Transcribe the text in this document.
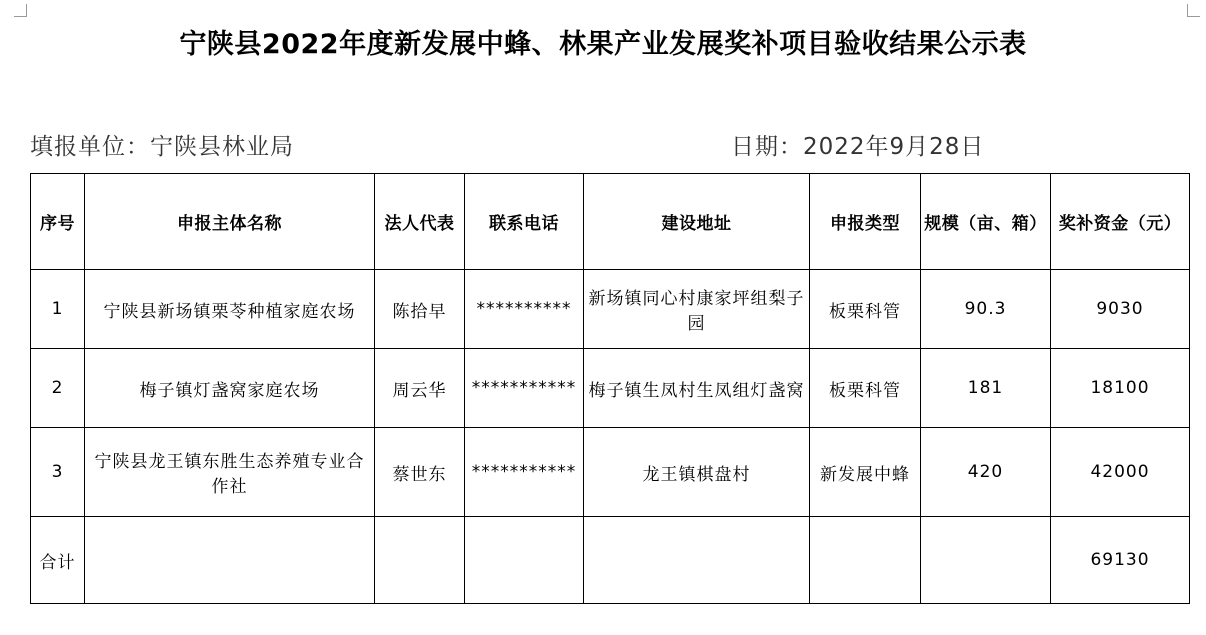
宁陕县2022年度新发展中蜂、林果产业发展奖补项目验收结果公示表
填报单位：宁陕县林业局	日期：2022年9月28日
序号	申报主体名称	法人代表	联系电话	建设地址	申报类型	规模（亩、箱）	奖补资金（元）
1	宁陕县新场镇栗苓种植家庭农场	陈拾早	**********	新场镇同心村康家坪组梨子园	板栗科管	90.3	9030
2	梅子镇灯盏窝家庭农场	周云华	***********	梅子镇生凤村生凤组灯盏窝	板栗科管	181	18100
3	宁陕县龙王镇东胜生态养殖专业合作社	蔡世东	***********	龙王镇棋盘村	新发展中蜂	420	42000
合计							69130
